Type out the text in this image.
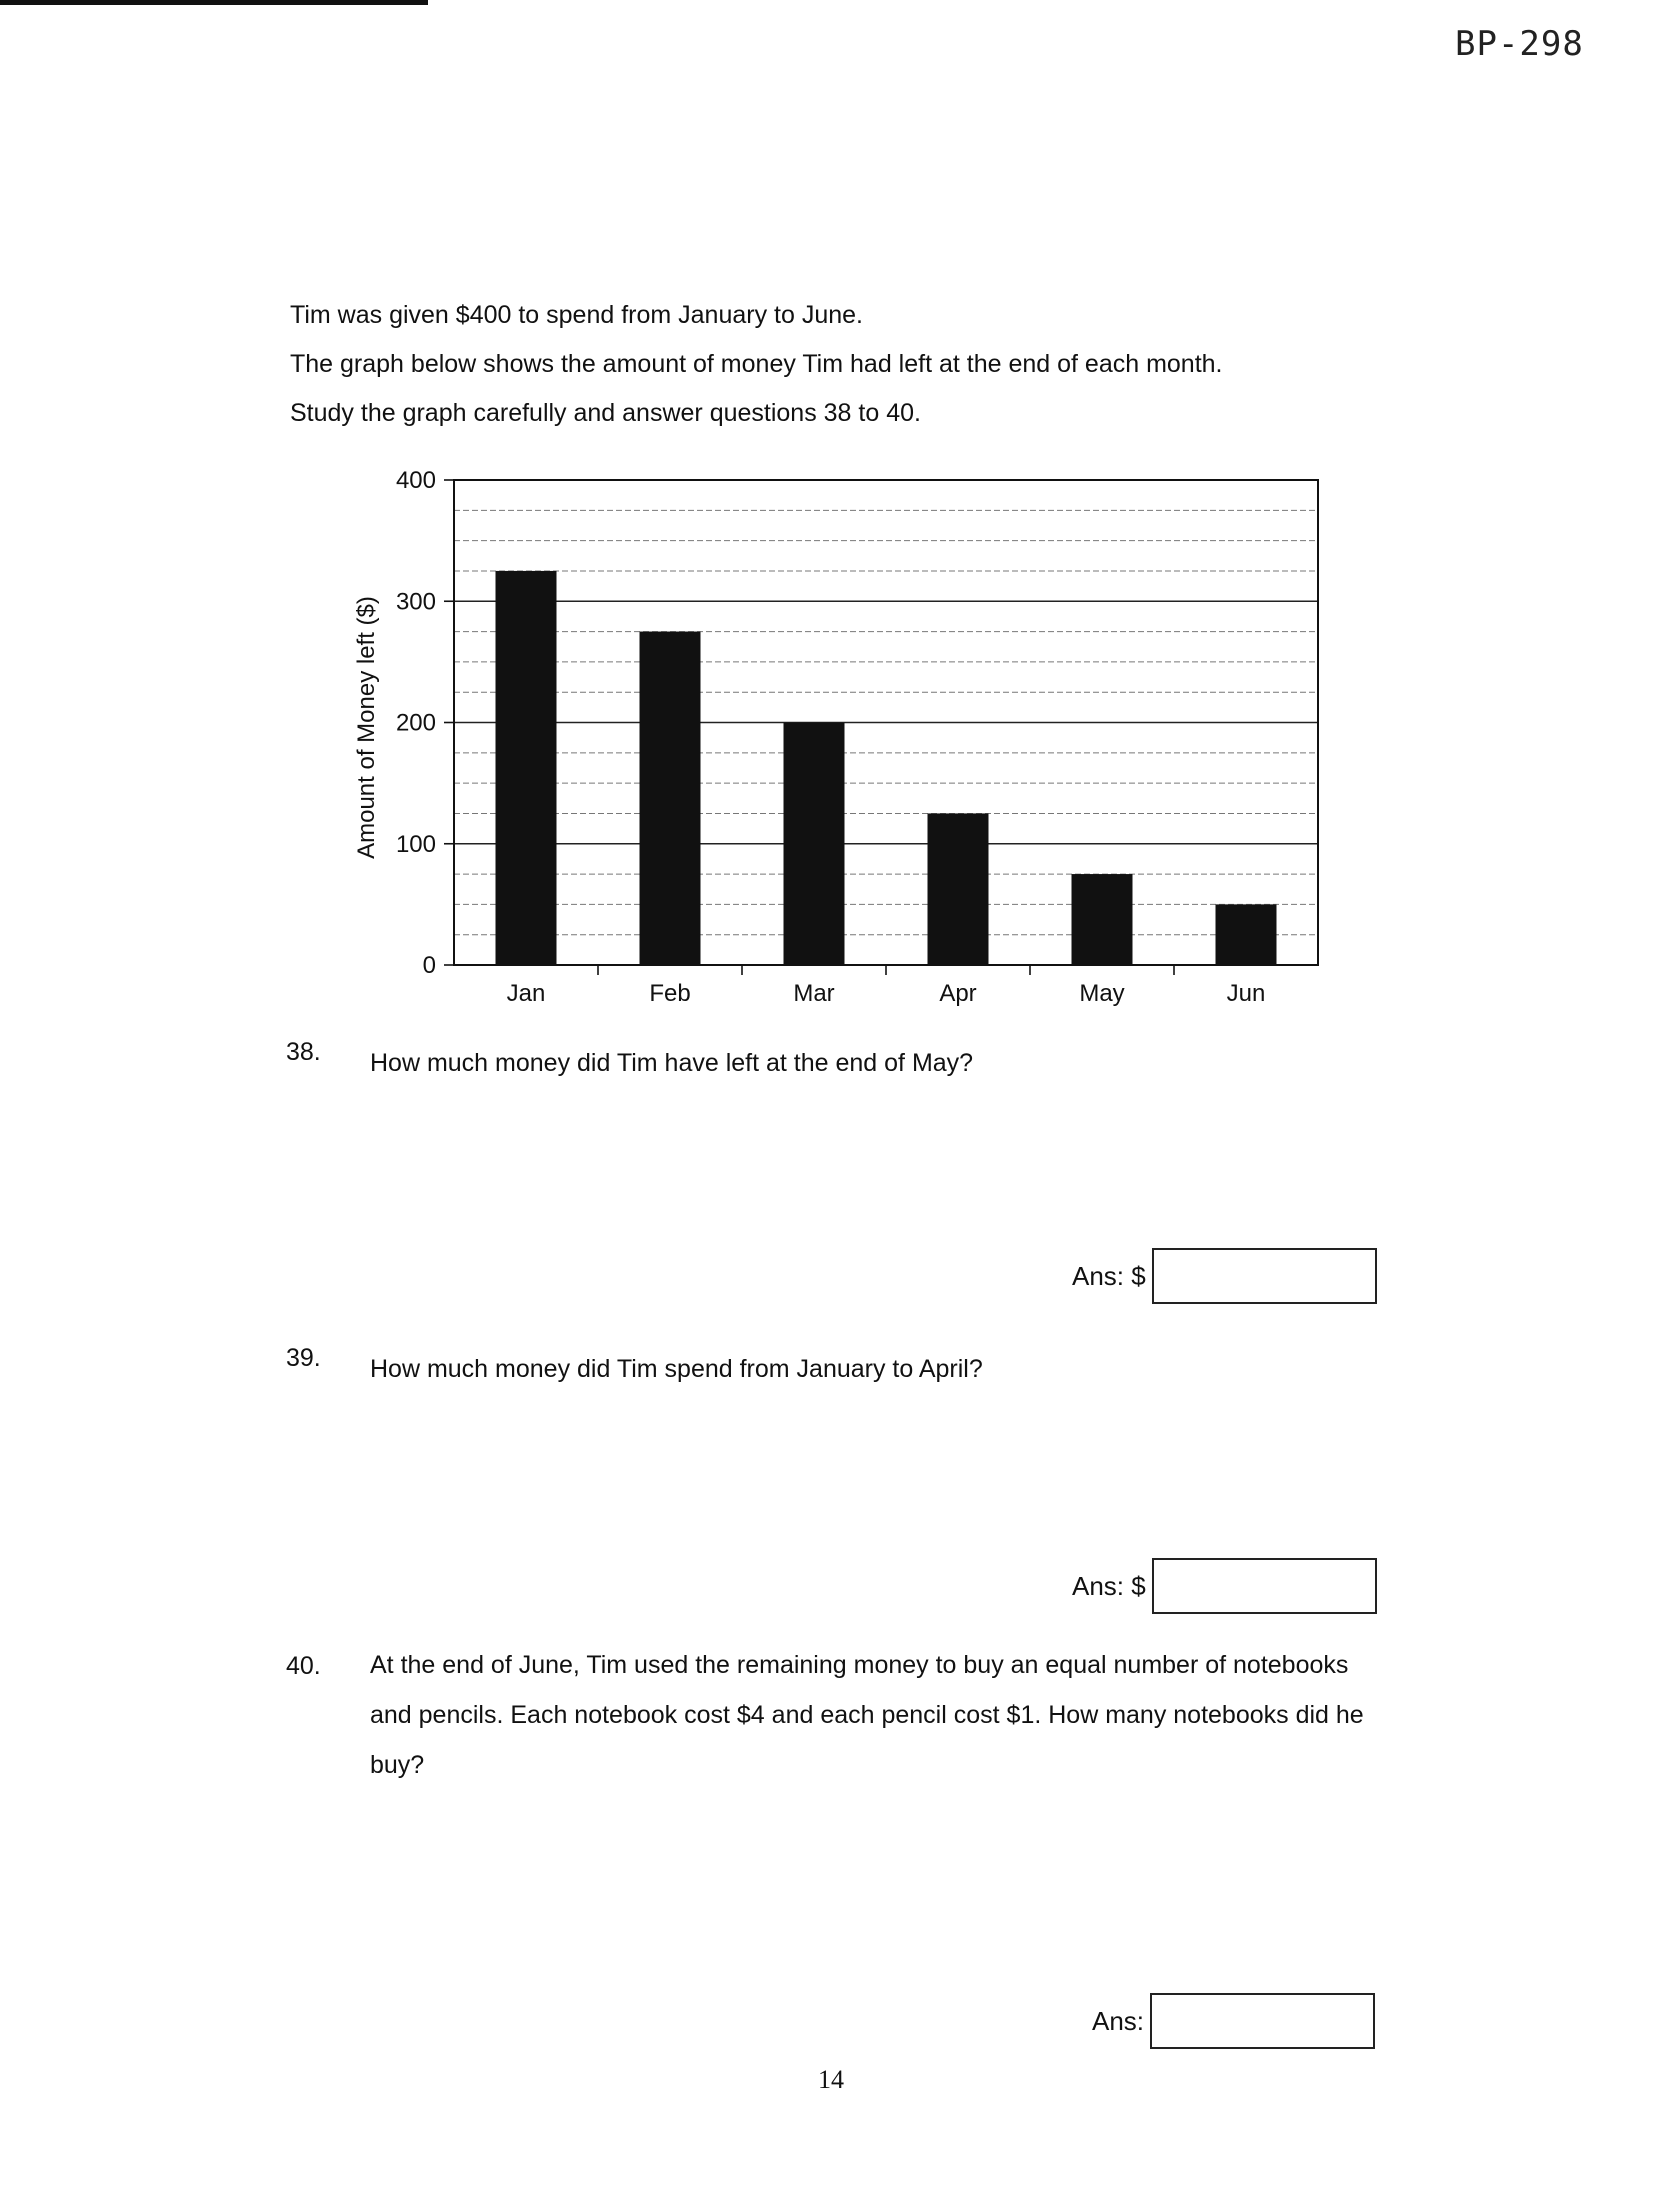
BP-298
Tim was given $400 to spend from January to June.
The graph below shows the amount of money Tim had left at the end of each month.
Study the graph carefully and answer questions 38 to 40.
0
100
200
300
400
Jan	Feb	Mar	Apr	May	Jun
Amount of Money left ($)
38. How much money did Tim have left at the end of May?
Ans: $
39. How much money did Tim spend from January to April?
Ans: $
40. At the end of June, Tim used the remaining money to buy an equal number of notebooks and pencils. Each notebook cost $4 and each pencil cost $1. How many notebooks did he buy?
Ans:
14
